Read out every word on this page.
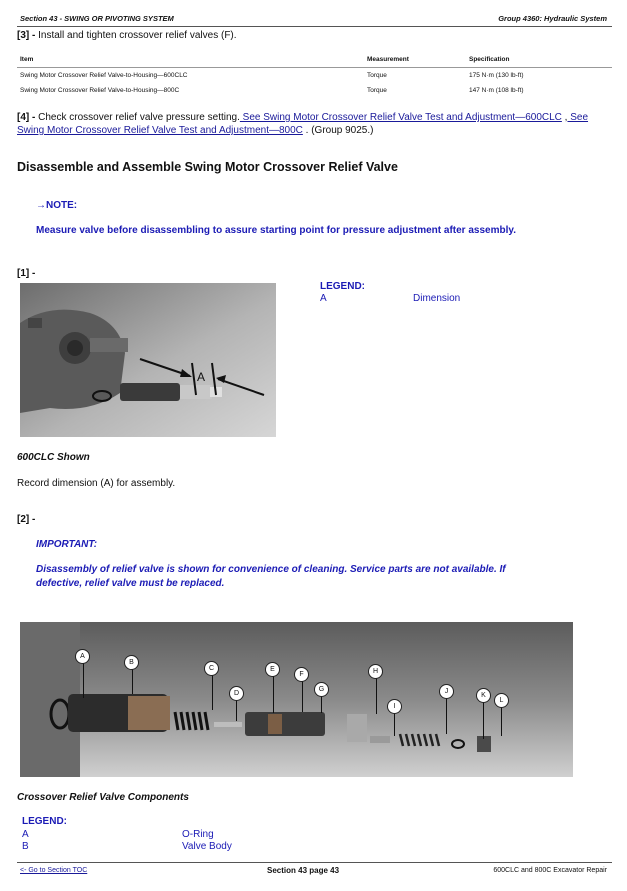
Section 43 - SWING OR PIVOTING SYSTEM	Group 4360: Hydraulic System
[3] - Install and tighten crossover relief valves (F).
Item	Measurement	Specification
Swing Motor Crossover Relief Valve-to-Housing—600CLC	Torque	175 N·m (130 lb-ft)
Swing Motor Crossover Relief Valve-to-Housing—800C	Torque	147 N·m (108 lb-ft)
[4] - Check crossover relief valve pressure setting. See Swing Motor Crossover Relief Valve Test and Adjustment—600CLC , See
Swing Motor Crossover Relief Valve Test and Adjustment—800C . (Group 9025.)
Disassemble and Assemble Swing Motor Crossover Relief Valve
→NOTE:
Measure valve before disassembling to assure starting point for pressure adjustment after assembly.
[1] -
A
LEGEND:
A	Dimension
600CLC Shown
Record dimension (A) for assembly.
[2] -
IMPORTANT:
Disassembly of relief valve is shown for convenience of cleaning. Service parts are not available. If
defective, relief valve must be replaced.
A
B
C
D
E
F
G
H
I
J
K
L
Crossover Relief Valve Components
LEGEND:
A	O-Ring
B	Valve Body
<- Go to Section TOC	Section 43 page 43	600CLC and 800C Excavator Repair
